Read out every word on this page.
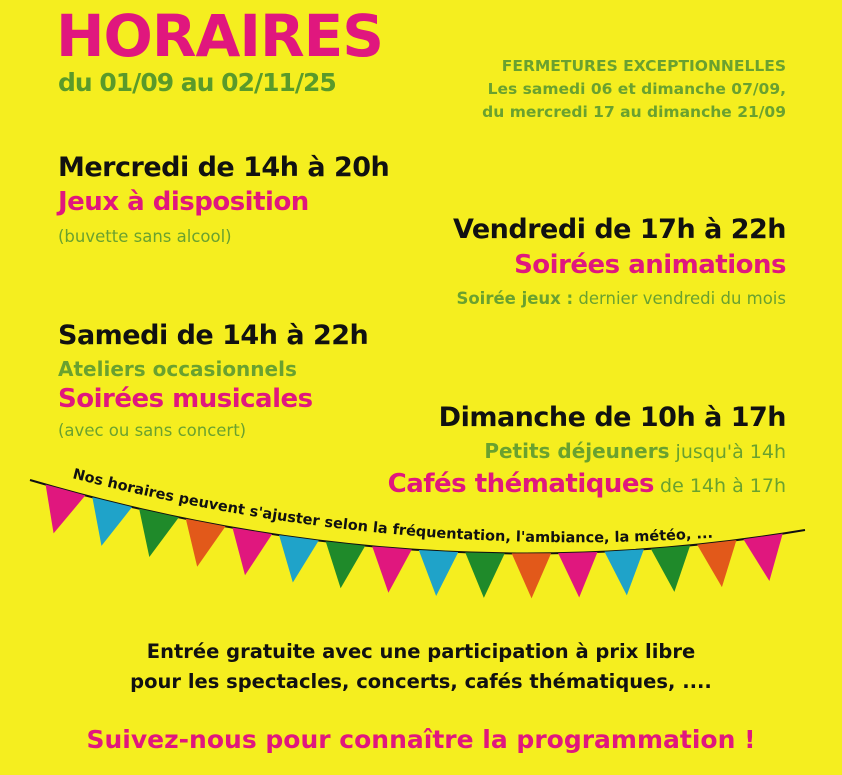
HORAIRES
du 01/09 au 02/11/25
FERMETURES EXCEPTIONNELLES
Les samedi 06 et dimanche 07/09,
du mercredi 17 au dimanche 21/09
Mercredi de 14h à 20h
Jeux à disposition
(buvette sans alcool)	Vendredi de 17h à 22h
Soirées animations
Soirée jeux : dernier vendredi du mois
Samedi de 14h à 22h
Ateliers occasionnels
Soirées musicales
(avec ou sans concert)	Dimanche de 10h à 17h
Petits déjeuners jusqu'à 14h
Cafés thématiques de 14h à 17h
Nos horaires peuvent s'ajuster selon la fréquentation, l'ambiance, la météo, ...
Entrée gratuite avec une participation à prix libre
pour les spectacles, concerts, cafés thématiques, ....
Suivez-nous pour connaître la programmation !
